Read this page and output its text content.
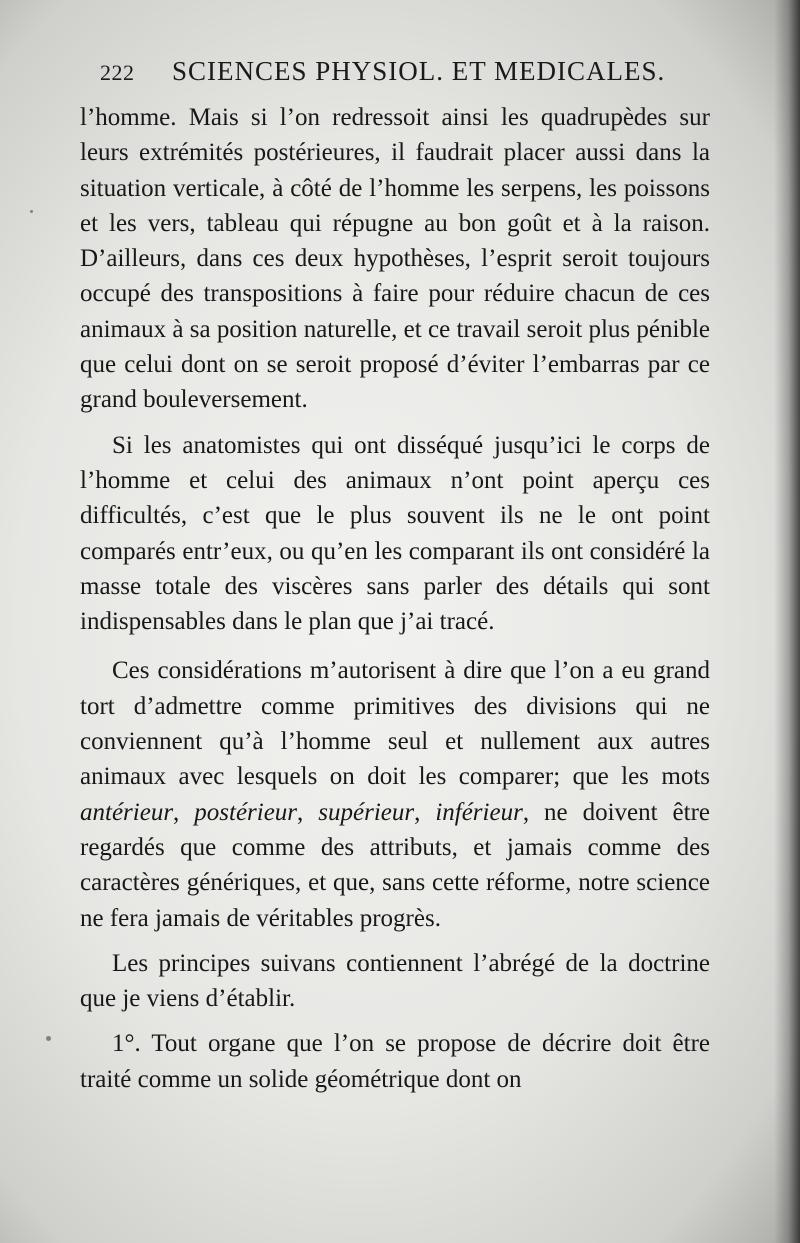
222 SCIENCES PHYSIOL. ET MEDICALES.

l’homme. Mais si l’on redressoit ainsi les quadrupèdes sur leurs extrémités postérieures, il faudrait placer aussi dans la situation verticale, à côté de l’homme les serpens, les poissons et les vers, tableau qui répugne au bon goût et à la raison. D’ailleurs, dans ces deux hypothèses, l’esprit seroit toujours occupé des transpositions à faire pour réduire chacun de ces animaux à sa position naturelle, et ce travail seroit plus pénible que celui dont on se seroit proposé d’éviter l’embarras par ce grand bouleversement.

Si les anatomistes qui ont disséqué jusqu’ici le corps de l’homme et celui des animaux n’ont point aperçu ces difficultés, c’est que le plus souvent ils ne le ont point comparés entr’eux, ou qu’en les comparant ils ont considéré la masse totale des viscères sans parler des détails qui sont indispensables dans le plan que j’ai tracé.

Ces considérations m’autorisent à dire que l’on a eu grand tort d’admettre comme primitives des divisions qui ne conviennent qu’à l’homme seul et nullement aux autres animaux avec lesquels on doit les comparer; que les mots antérieur, postérieur, supérieur, inférieur, ne doivent être regardés que comme des attributs, et jamais comme des caractères génériques, et que, sans cette réforme, notre science ne fera jamais de véritables progrès.

Les principes suivans contiennent l’abrégé de la doctrine que je viens d’établir.

1°. Tout organe que l’on se propose de décrire doit être traité comme un solide géométrique dont on
